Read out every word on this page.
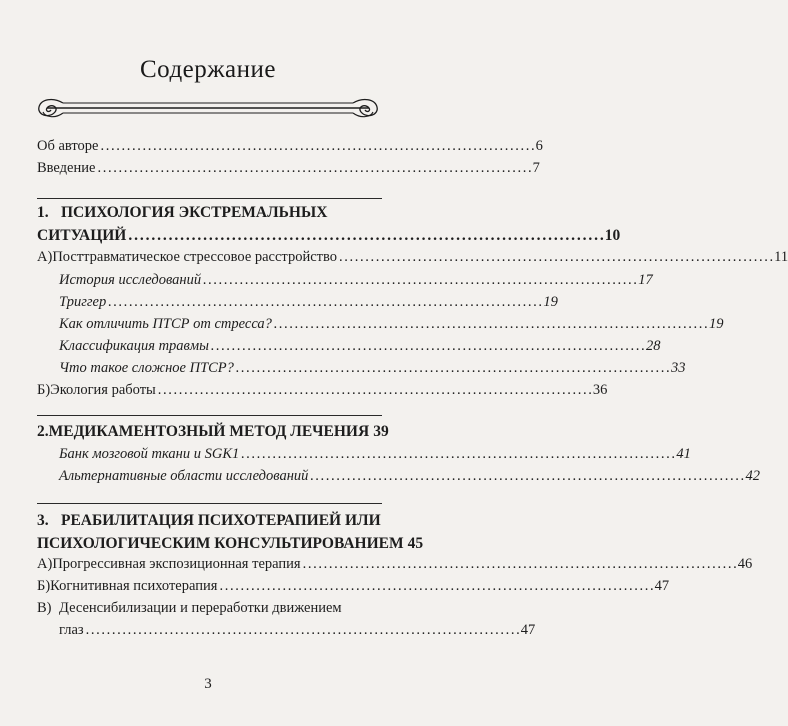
Содержание
Об авторе . . .	6
Введение . . .	7
1. ПСИХОЛОГИЯ ЭКСТРЕМАЛЬНЫХ
СИТУАЦИЙ . . .	10
А) Посттравматическое стрессовое расстройство . . .	11
История исследований . . .	17
Триггер . . .	19
Как отличить ПТСР от стресса? . . .	19
Классификация травмы . . .	28
Что такое сложное ПТСР? . . .	33
Б) Экология работы . . .	36
2. МЕДИКАМЕНТОЗНЫЙ МЕТОД ЛЕЧЕНИЯ 39
Банк мозговой ткани и SGK1 . . .	41
Альтернативные области исследований . . .	42
3. РЕАБИЛИТАЦИЯ ПСИХОТЕРАПИЕЙ ИЛИ
ПСИХОЛОГИЧЕСКИМ КОНСУЛЬТИРОВАНИЕМ 45
А) Прогрессивная экспозиционная терапия . . .	46
Б) Когнитивная психотерапия . . .	47
В) Десенсибилизации и переработки движением
глаз . . .	47
3
